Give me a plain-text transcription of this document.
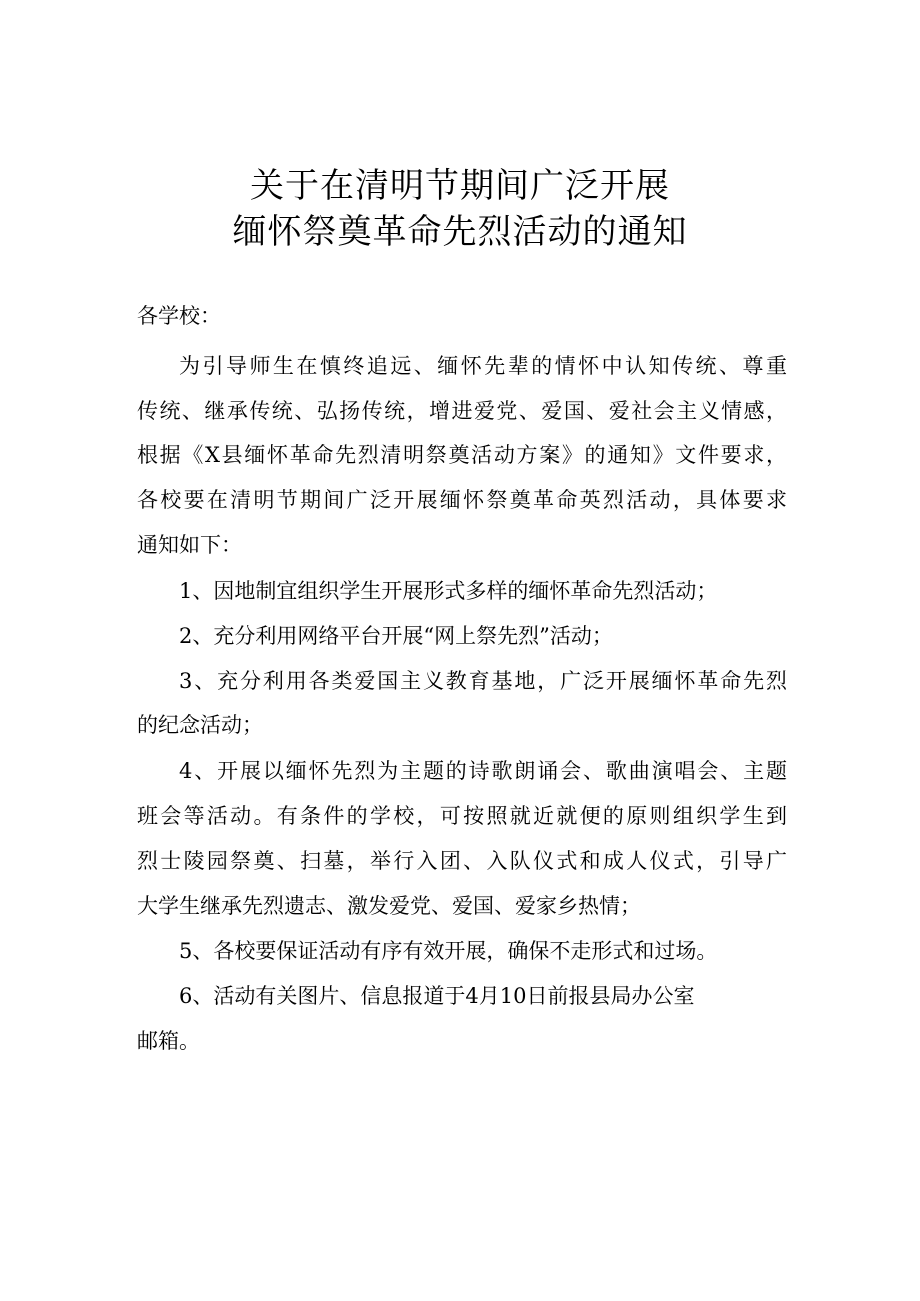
关于在清明节期间广泛开展
缅怀祭奠革命先烈活动的通知
各学校：
为引导师生在慎终追远、缅怀先辈的情怀中认知传统、尊重
传统、继承传统、弘扬传统，增进爱党、爱国、爱社会主义情感，
根据《X县缅怀革命先烈清明祭奠活动方案》的通知》文件要求，
各校要在清明节期间广泛开展缅怀祭奠革命英烈活动，具体要求
通知如下：
1、因地制宜组织学生开展形式多样的缅怀革命先烈活动；
2、充分利用网络平台开展“网上祭先烈”活动；
3、充分利用各类爱国主义教育基地，广泛开展缅怀革命先烈
的纪念活动；
4、开展以缅怀先烈为主题的诗歌朗诵会、歌曲演唱会、主题
班会等活动。有条件的学校，可按照就近就便的原则组织学生到
烈士陵园祭奠、扫墓，举行入团、入队仪式和成人仪式，引导广
大学生继承先烈遗志、激发爱党、爱国、爱家乡热情；
5、各校要保证活动有序有效开展，确保不走形式和过场。
6、活动有关图片、信息报道于4月10日前报县局办公室
邮箱。
